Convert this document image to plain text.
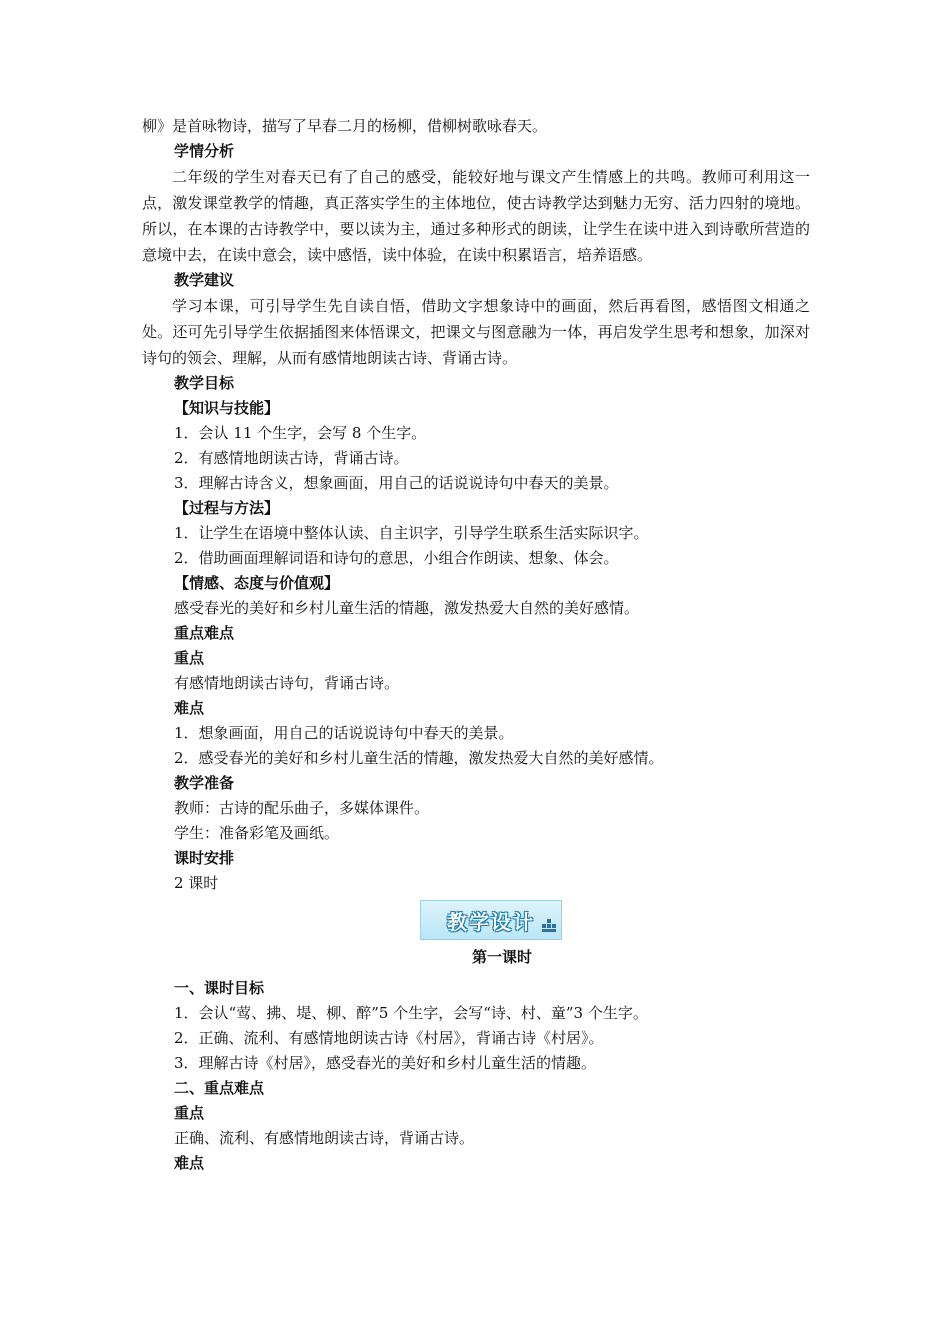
柳》是首咏物诗，描写了早春二月的杨柳，借柳树歌咏春天。
学情分析

二年级的学生对春天已有了自己的感受，能较好地与课文产生情感上的共鸣。教师可利用这一点，激发课堂教学的情趣，真正落实学生的主体地位，使古诗教学达到魅力无穷、活力四射的境地。所以，在本课的古诗教学中，要以读为主，通过多种形式的朗读，让学生在读中进入到诗歌所营造的意境中去，在读中意会，读中感悟，读中体验，在读中积累语言，培养语感。

教学建议

学习本课，可引导学生先自读自悟，借助文字想象诗中的画面，然后再看图，感悟图文相通之处。还可先引导学生依据插图来体悟课文，把课文与图意融为一体，再启发学生思考和想象，加深对诗句的领会、理解，从而有感情地朗读古诗、背诵古诗。

教学目标
【知识与技能】
1．会认 11 个生字，会写 8 个生字。
2．有感情地朗读古诗，背诵古诗。
3．理解古诗含义，想象画面，用自己的话说说诗句中春天的美景。
【过程与方法】
1．让学生在语境中整体认读、自主识字，引导学生联系生活实际识字。
2．借助画面理解词语和诗句的意思，小组合作朗读、想象、体会。
【情感、态度与价值观】
感受春光的美好和乡村儿童生活的情趣，激发热爱大自然的美好感情。
重点难点
重点
有感情地朗读古诗句，背诵古诗。
难点
1．想象画面，用自己的话说说诗句中春天的美景。
2．感受春光的美好和乡村儿童生活的情趣，激发热爱大自然的美好感情。
教学准备
教师：古诗的配乐曲子，多媒体课件。
学生：准备彩笔及画纸。
课时安排
2 课时
教学设计
第一课时
一、课时目标
1．会认“莺、拂、堤、柳、醉”5 个生字，会写“诗、村、童”3 个生字。
2．正确、流利、有感情地朗读古诗《村居》，背诵古诗《村居》。
3．理解古诗《村居》，感受春光的美好和乡村儿童生活的情趣。
二、重点难点
重点
正确、流利、有感情地朗读古诗，背诵古诗。
难点
